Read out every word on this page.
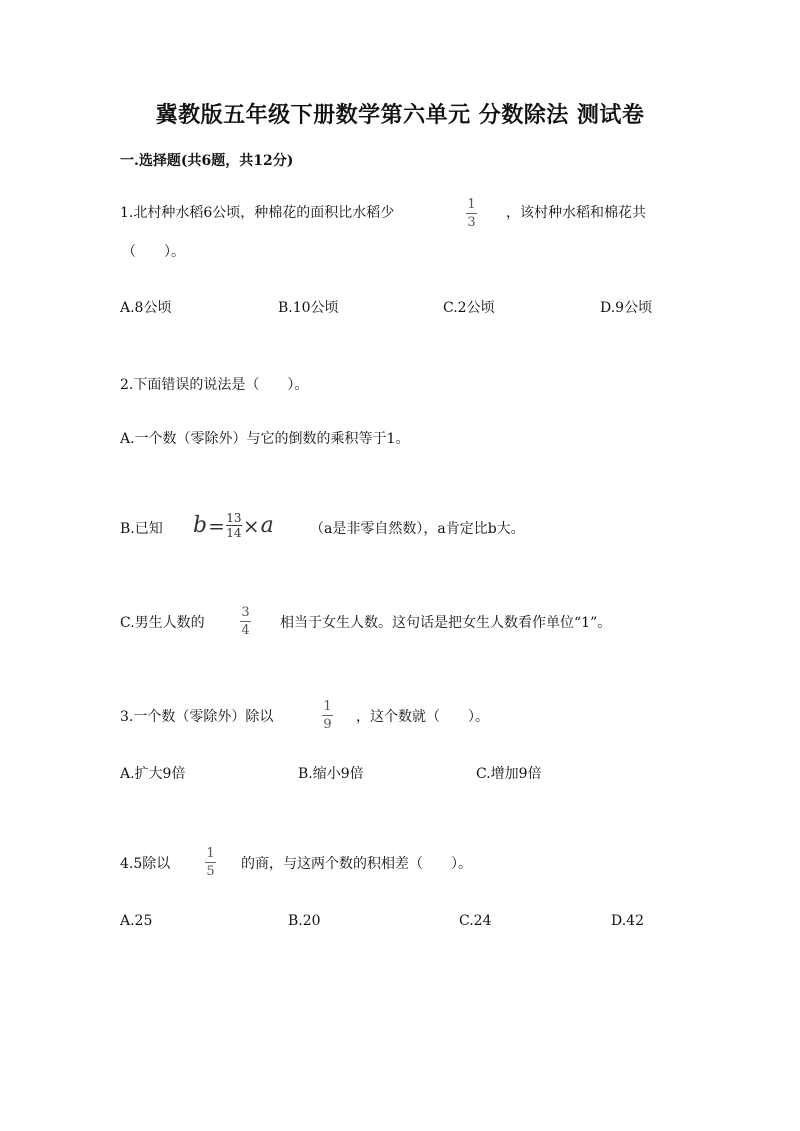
冀教版五年级下册数学第六单元 分数除法 测试卷
一.选择题(共6题，共12分)
1.北村种水稻6公顷，种棉花的面积比水稻少
1
3
，该村种水稻和棉花共
（　　）。
A.8公顷	B.10公顷	C.2公顷	D.9公顷
2.下面错误的说法是（　　）。
A.一个数（零除外）与它的倒数的乘积等于1。
B.已知 b = 13
14 × a	（a是非零自然数），a肯定比b大。
C.男生人数的
3
4 相当于女生人数。这句话是把女生人数看作单位“1”。
3.一个数（零除外）除以
1
9 ，这个数就（　　）。
A.扩大9倍	B.缩小9倍	C.增加9倍
4.5除以
1
5 的商，与这两个数的积相差（　　）。
A.25	B.20	C.24	D.42
